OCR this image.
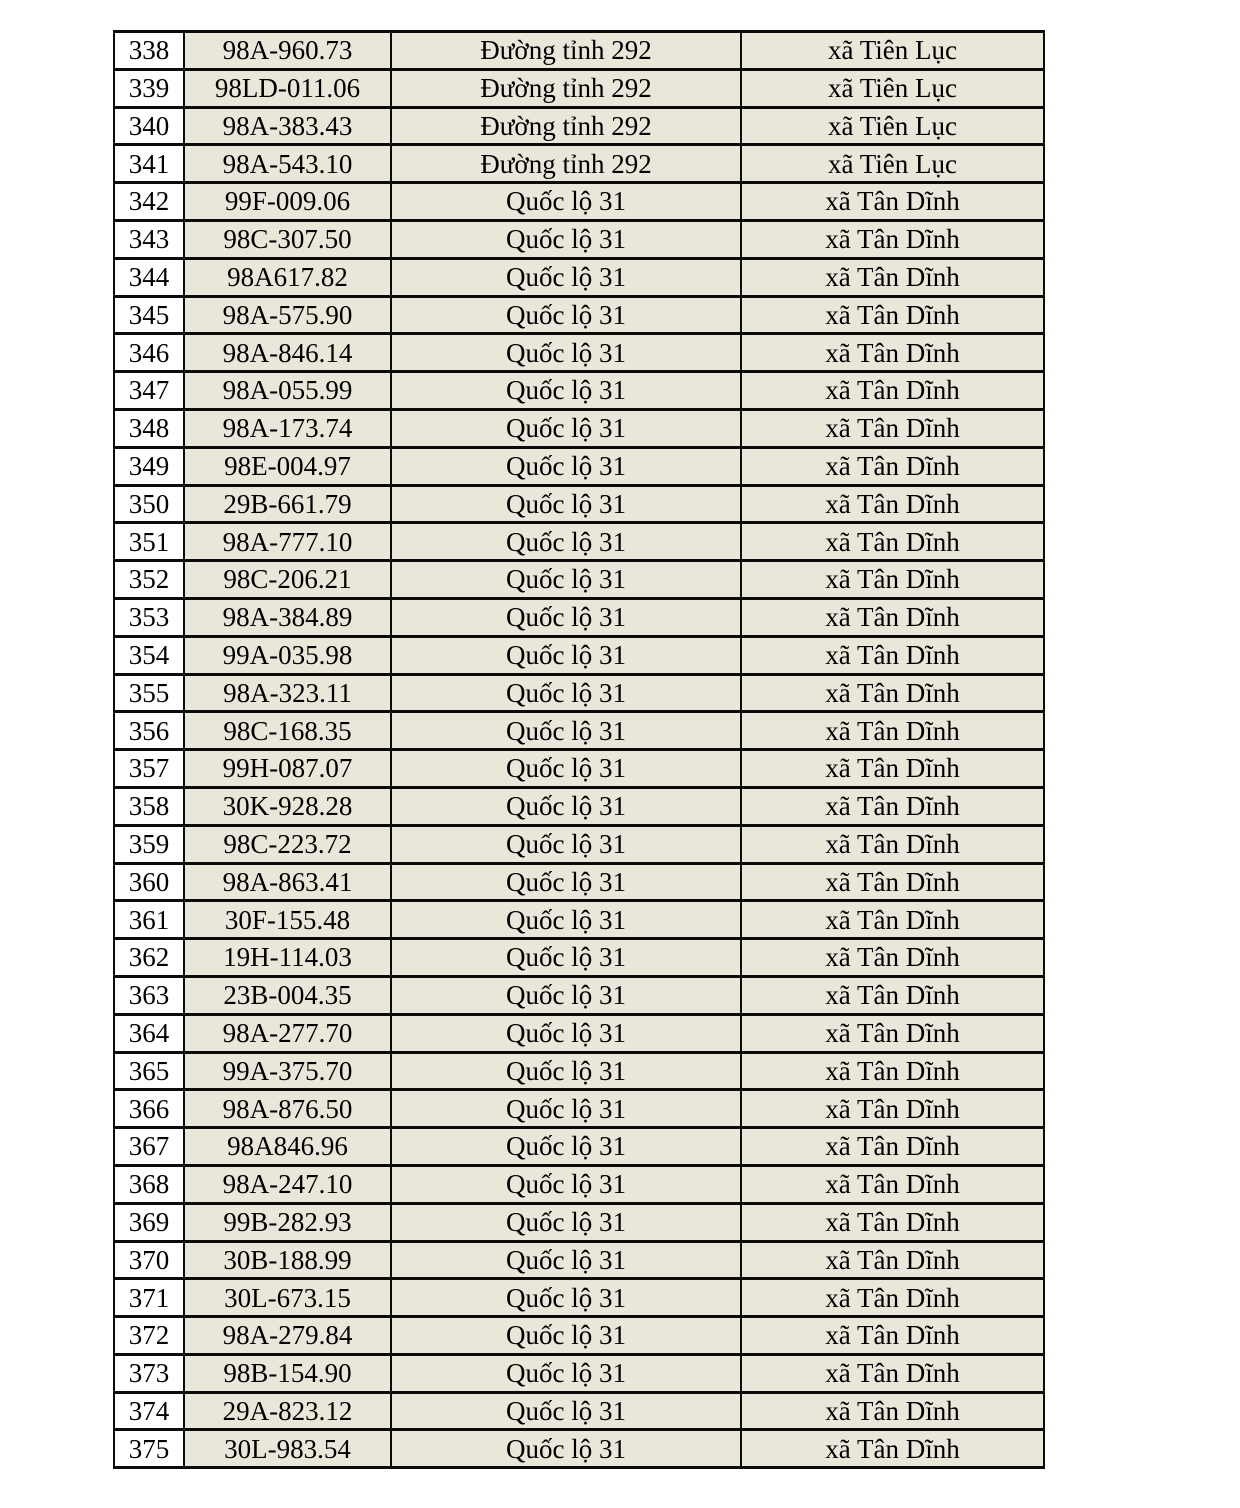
338	98A-960.73	Đường tỉnh 292	xã Tiên Lục
339	98LD-011.06	Đường tỉnh 292	xã Tiên Lục
340	98A-383.43	Đường tỉnh 292	xã Tiên Lục
341	98A-543.10	Đường tỉnh 292	xã Tiên Lục
342	99F-009.06	Quốc lộ 31	xã Tân Dĩnh
343	98C-307.50	Quốc lộ 31	xã Tân Dĩnh
344	98A617.82	Quốc lộ 31	xã Tân Dĩnh
345	98A-575.90	Quốc lộ 31	xã Tân Dĩnh
346	98A-846.14	Quốc lộ 31	xã Tân Dĩnh
347	98A-055.99	Quốc lộ 31	xã Tân Dĩnh
348	98A-173.74	Quốc lộ 31	xã Tân Dĩnh
349	98E-004.97	Quốc lộ 31	xã Tân Dĩnh
350	29B-661.79	Quốc lộ 31	xã Tân Dĩnh
351	98A-777.10	Quốc lộ 31	xã Tân Dĩnh
352	98C-206.21	Quốc lộ 31	xã Tân Dĩnh
353	98A-384.89	Quốc lộ 31	xã Tân Dĩnh
354	99A-035.98	Quốc lộ 31	xã Tân Dĩnh
355	98A-323.11	Quốc lộ 31	xã Tân Dĩnh
356	98C-168.35	Quốc lộ 31	xã Tân Dĩnh
357	99H-087.07	Quốc lộ 31	xã Tân Dĩnh
358	30K-928.28	Quốc lộ 31	xã Tân Dĩnh
359	98C-223.72	Quốc lộ 31	xã Tân Dĩnh
360	98A-863.41	Quốc lộ 31	xã Tân Dĩnh
361	30F-155.48	Quốc lộ 31	xã Tân Dĩnh
362	19H-114.03	Quốc lộ 31	xã Tân Dĩnh
363	23B-004.35	Quốc lộ 31	xã Tân Dĩnh
364	98A-277.70	Quốc lộ 31	xã Tân Dĩnh
365	99A-375.70	Quốc lộ 31	xã Tân Dĩnh
366	98A-876.50	Quốc lộ 31	xã Tân Dĩnh
367	98A846.96	Quốc lộ 31	xã Tân Dĩnh
368	98A-247.10	Quốc lộ 31	xã Tân Dĩnh
369	99B-282.93	Quốc lộ 31	xã Tân Dĩnh
370	30B-188.99	Quốc lộ 31	xã Tân Dĩnh
371	30L-673.15	Quốc lộ 31	xã Tân Dĩnh
372	98A-279.84	Quốc lộ 31	xã Tân Dĩnh
373	98B-154.90	Quốc lộ 31	xã Tân Dĩnh
374	29A-823.12	Quốc lộ 31	xã Tân Dĩnh
375	30L-983.54	Quốc lộ 31	xã Tân Dĩnh
